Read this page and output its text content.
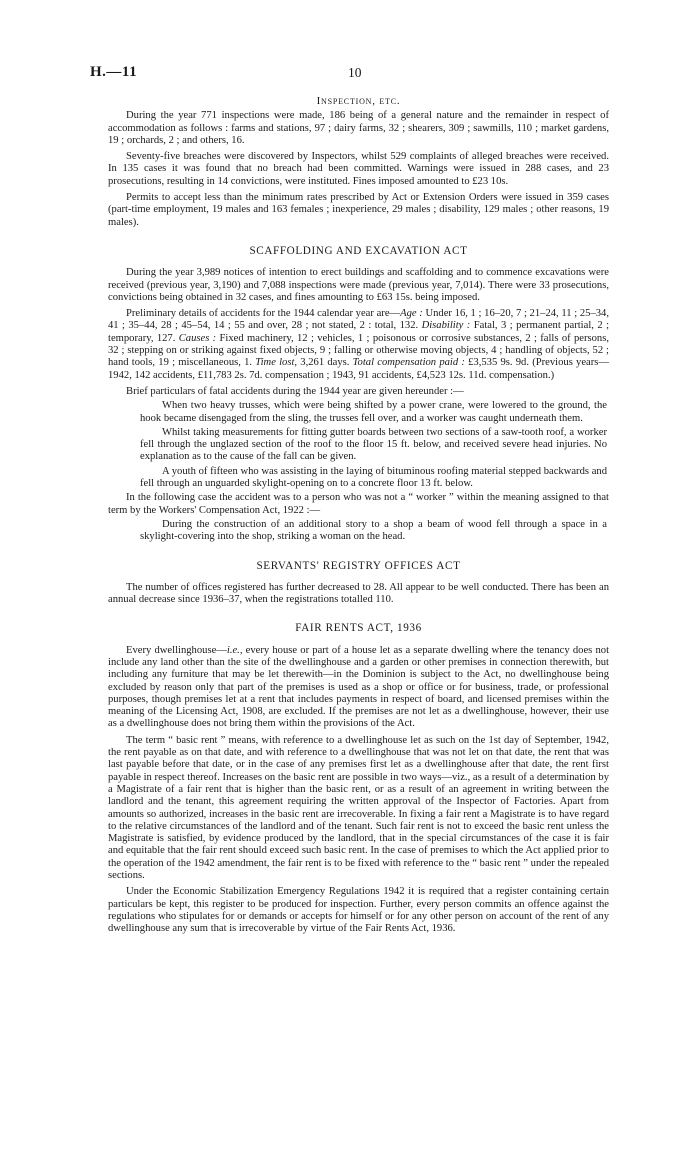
H.—11	10
Inspection, etc.

During the year 771 inspections were made, 186 being of a general nature and the remainder in respect of accommodation as follows : farms and stations, 97 ; dairy farms, 32 ; shearers, 309 ; sawmills, 110 ; market gardens, 19 ; orchards, 2 ; and others, 16.

Seventy-five breaches were discovered by Inspectors, whilst 529 complaints of alleged breaches were received. In 135 cases it was found that no breach had been committed. Warnings were issued in 288 cases, and 23 prosecutions, resulting in 14 convictions, were instituted. Fines imposed amounted to £23 10s.

Permits to accept less than the minimum rates prescribed by Act or Extension Orders were issued in 359 cases (part-time employment, 19 males and 163 females ; inexperience, 29 males ; disability, 129 males ; other reasons, 19 males).

SCAFFOLDING AND EXCAVATION ACT

During the year 3,989 notices of intention to erect buildings and scaffolding and to commence excavations were received (previous year, 3,190) and 7,088 inspections were made (previous year, 7,014). There were 33 prosecutions, convictions being obtained in 32 cases, and fines amounting to £63 15s. being imposed.

Preliminary details of accidents for the 1944 calendar year are—Age : Under 16, 1 ; 16–20, 7 ; 21–24, 11 ; 25–34, 41 ; 35–44, 28 ; 45–54, 14 ; 55 and over, 28 ; not stated, 2 : total, 132. Disability : Fatal, 3 ; permanent partial, 2 ; temporary, 127. Causes : Fixed machinery, 12 ; vehicles, 1 ; poisonous or corrosive substances, 2 ; falls of persons, 32 ; stepping on or striking against fixed objects, 9 ; falling or otherwise moving objects, 4 ; handling of objects, 52 ; hand tools, 19 ; miscellaneous, 1. Time lost, 3,261 days. Total compensation paid : £3,535 9s. 9d. (Previous years—1942, 142 accidents, £11,783 2s. 7d. compensation ; 1943, 91 accidents, £4,523 12s. 11d. compensation.)

Brief particulars of fatal accidents during the 1944 year are given hereunder :—

When two heavy trusses, which were being shifted by a power crane, were lowered to the ground, the hook became disengaged from the sling, the trusses fell over, and a worker was caught underneath them.

Whilst taking measurements for fitting gutter boards between two sections of a saw-tooth roof, a worker fell through the unglazed section of the roof to the floor 15 ft. below, and received severe head injuries. No explanation as to the cause of the fall can be given.

A youth of fifteen who was assisting in the laying of bituminous roofing material stepped backwards and fell through an unguarded skylight-opening on to a concrete floor 13 ft. below.

In the following case the accident was to a person who was not a “ worker ” within the meaning assigned to that term by the Workers' Compensation Act, 1922 :—

During the construction of an additional story to a shop a beam of wood fell through a space in a skylight-covering into the shop, striking a woman on the head.

SERVANTS' REGISTRY OFFICES ACT

The number of offices registered has further decreased to 28. All appear to be well conducted. There has been an annual decrease since 1936–37, when the registrations totalled 110.

FAIR RENTS ACT, 1936

Every dwellinghouse—i.e., every house or part of a house let as a separate dwelling where the tenancy does not include any land other than the site of the dwellinghouse and a garden or other premises in connection therewith, but including any furniture that may be let therewith—in the Dominion is subject to the Act, no dwellinghouse being excluded by reason only that part of the premises is used as a shop or office or for business, trade, or professional purposes, though premises let at a rent that includes payments in respect of board, and licensed premises within the meaning of the Licensing Act, 1908, are excluded. If the premises are not let as a dwellinghouse, however, their use as a dwellinghouse does not bring them within the provisions of the Act.

The term “ basic rent ” means, with reference to a dwellinghouse let as such on the 1st day of September, 1942, the rent payable as on that date, and with reference to a dwellinghouse that was not let on that date, the rent that was last payable before that date, or in the case of any premises first let as a dwellinghouse after that date, the rent first payable in respect thereof. Increases on the basic rent are possible in two ways—viz., as a result of a determination by a Magistrate of a fair rent that is higher than the basic rent, or as a result of an agreement in writing between the landlord and the tenant, this agreement requiring the written approval of the Inspector of Factories. Apart from amounts so authorized, increases in the basic rent are irrecoverable. In fixing a fair rent a Magistrate is to have regard to the relative circumstances of the landlord and of the tenant. Such fair rent is not to exceed the basic rent unless the Magistrate is satisfied, by evidence produced by the landlord, that in the special circumstances of the case it is fair and equitable that the fair rent should exceed such basic rent. In the case of premises to which the Act applied prior to the operation of the 1942 amendment, the fair rent is to be fixed with reference to the “ basic rent ” under the repealed sections.

Under the Economic Stabilization Emergency Regulations 1942 it is required that a register containing certain particulars be kept, this register to be produced for inspection. Further, every person commits an offence against the regulations who stipulates for or demands or accepts for himself or for any other person on account of the rent of any dwellinghouse any sum that is irrecoverable by virtue of the Fair Rents Act, 1936.
